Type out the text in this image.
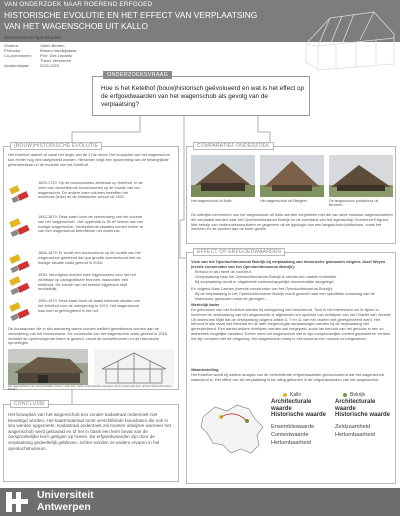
VAN ONDERZOEK NAAR ROEREND ERFGOED
HISTORISCHE EVOLUTIE EN HET EFFECT VAN VERPLAATSING
VAN HET WAGENSCHOB UIT KALLO
Startvoorstel Erfgoedstudies
Student:	Jolien Berben
Promotor:	Bheem Vandeplasse
Co-promotoren:	Prof. Dirk Lepanto
Theun Verbeeren
Academiejaar:	2022-2023
ONDERZOEKSVRAAG
Hoe is het Ketelhof (bouw)historisch geëvolueerd en wat is het effect op de erfgoedwaarden van het wagenschob als gevolg van de verplaatsing?
(BOUW)HISTORISCHE EVOLUTIE
Het Ketelhof dateert al vanaf het begin van de 17de eeuw. Het bouwplan van het wagenschob kon echter nog niet vastgesteld worden. Hieronder volgt een opsomming van de belangrijkste gebeurtenissen in de evolutie van het Ketelhof.
1625-1720: Op de bouwvolumes zichtbaar op Ketelhof. In de vorm van verschillende bouwvolumes op de locatie van het wagenschob. De andere twee volumes betreffen het woonhuis (links) en de historische schuur uit 1622.
1842-1879: Deze kaart toont de vernieuwing van het volume van het 'wagenschob'. Het oppervlak is 35 m² kleiner dan het huidige wagenschob. Verschillende situaties komen echter al van een wagenschob betreffende het woonhuis.
1866-1875: Er wordt een bouwvolume op de locatie van het wagenschob getekend dat qua grootte overeenkomt met de huidige situatie zoals gekend in 2018.
1930: Vervolgens worden twee bijgebouwen voor het hof zichtbaar op cartografische bronnen, waaronder een melkhuis. De functie van het tweede bijgebouw blijft onduidelijk.
1950-1970: Deze kaart toont de laatst bekende situatie van het Ketelhof voor de onteigening in 1974. Het wagenschob was toen al geïntegreerd in het hof.
De bouwsporen die in situ aanwezig waren konden wellicht gerealiseerd worden aan de verandering van het bouwvolume. De constructie van het wagenschob zoals gekend in 2018, inclusief de opeenvolgende fasen is gekend, vanuit de archiefbronnen en de historische opmetingen.
Het wagenschob in zijn oorspronkelijke context. Links: foto, rechts: schematische weergave van de constructie (foto: archief Openluchtmuseum Bokrijk).
CONCLUSIE
Het bouwplan van het wagenschob kon zonder kadastraal onderzoek niet bevestigd worden. Het kaartmateriaal toont verschillende bouwfasen die ook in situ werden opgemerkt. Kadastraal onderzoek zal moeten uitwijzen wanneer het wagenschob werd gebouwd en of het in basis een kern bevat van de oorspronkelijke kern gelegen op hoeve. De erfgoedwaarden zijn door de verplaatsing gedeeltelijk gebleven, echter worden ze anders ervaren in het openluchtmuseum.
COMPARATIEF ONDERZOEK
Het wagenschob uit Kallo.	Het wagenschob uit Ettelgem.	De langsschuur/ poldschuur uit Beveren.
De uiterlijke kenmerken van het wagenschob uit Kallo werden vergeleken met die van twee inlandse wagenschobben die verplaatst werden naar het Openluchtmuseum Bokrijk en de inventaris van het agentschap Onroerend Erfgoed. Met behulp van onderzoeksresultaten en gegevens uit de typologie van een langsschuur/poldschuur, zoals het inrichten en de poorten aan de korte gevels.
EFFECT OP ERFGOEDWAARDEN
Visie van het Openluchtmuseum Bokrijk bij verplaatsing van historische gebouwen volgens Jozef Weyns (eerste conservator van het Openluchtmuseum Bokrijk):
Behoud in situ heeft de voorkeur.
Overplaatsing naar het Openluchtmuseum Bokrijk is slechts een laatste redmiddel.
Bij verplaatsing wordt er uitgebreide wetenschappelijke documentatie aangelegd.
En volgens Marc Laenen (tweede conservator van het Openluchtmuseum Bokrijk):
Bij de herplaatsing in het Openluchtmuseum Bokrijk wordt gezocht naar een specifieke bouwlaag van de historische gebouwen waar de gevolgen...
Werkelijk kader
De gebouwen van het Ketelhof werden bij onteigening niet beschermd. Toch is het interessant om te kijken in hoeverre de verplaatsing van het wagenschob is afgewezen ten opzichte van richtlijnen van het Charter van Venetië. Uit onderzoek blijkt dat de verplaatsing volgens artikel 3, 7 en 11 van het charter niet gerespecteerd werd. Het behoud in situ staat niet centraal en de later toegevoegde aanpassingen werden bij de herplaatsing niet gerespecteerd. Een aantal andere richtlijnen werden wel toegepast, zoals het behoud van het gebouw in een zo authentiek mogelijke toestand. Echter werd het wagenschob niet in zijn oorspronkelijke context geplaatst en verliest het zijn verband met de omgeving. Het wagenschob kreeg in het museum een nieuwe rol toegewezen.
Waardestelling
Het Ketelhof wordt bij nadere analyse van de verschillende erfgoedwaarden geconcludeerd dat het wagenschob waardevol is. Het effect van de verplaatsing is tot uiting gekomen in de erfgoedwaarden van het wagenschob.
Kallo	Bokrijk
Architecturale waarde
Historische waarde
Ensemblewaarde
Contextwaarde
Herkenbaarheid
Architecturale waarde
Historische waarde
Zeldzaamheid
Herkenbaarheid
Universiteit
Antwerpen
